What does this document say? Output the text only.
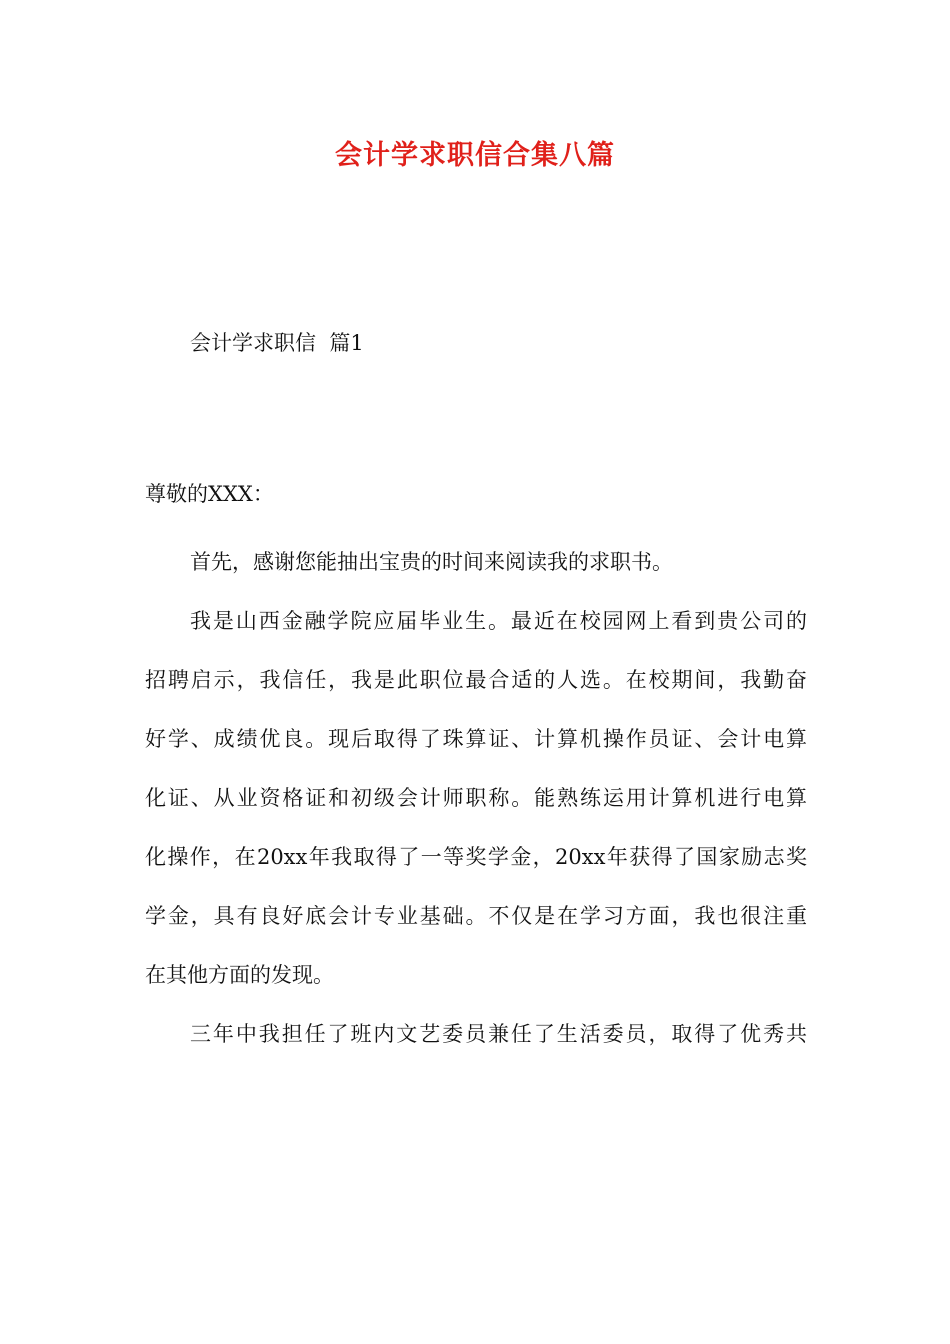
会计学求职信合集八篇
会计学求职信  篇1
尊敬的XXX：
首先，感谢您能抽出宝贵的时间来阅读我的求职书。
我是山西金融学院应届毕业生。最近在校园网上看到贵公司的
招聘启示，我信任，我是此职位最合适的人选。在校期间，我勤奋
好学、成绩优良。现后取得了珠算证、计算机操作员证、会计电算
化证、从业资格证和初级会计师职称。能熟练运用计算机进行电算
化操作，在20xx年我取得了一等奖学金，20xx年获得了国家励志奖
学金，具有良好底会计专业基础。不仅是在学习方面，我也很注重
在其他方面的发现。
三年中我担任了班内文艺委员兼任了生活委员，取得了优秀共
